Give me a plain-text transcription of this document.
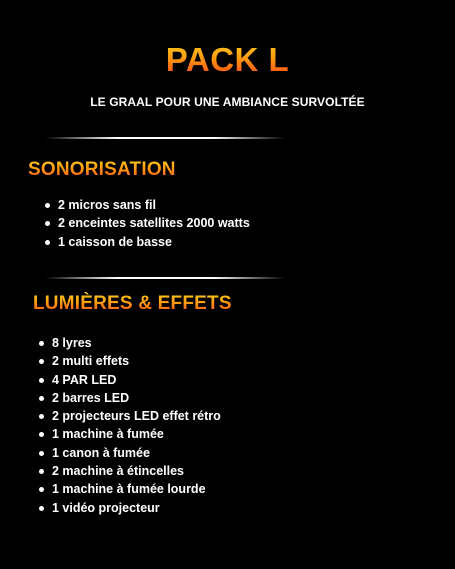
PACK L
LE GRAAL POUR UNE AMBIANCE SURVOLTÉE
SONORISATION
2 micros sans fil
2 enceintes satellites 2000 watts
1 caisson de basse
LUMIÈRES & EFFETS
8 lyres
2 multi effets
4 PAR LED
2 barres LED
2 projecteurs LED effet rétro
1 machine à fumée
1 canon à fumée
2 machine à étincelles
1 machine à fumée lourde
1 vidéo projecteur
